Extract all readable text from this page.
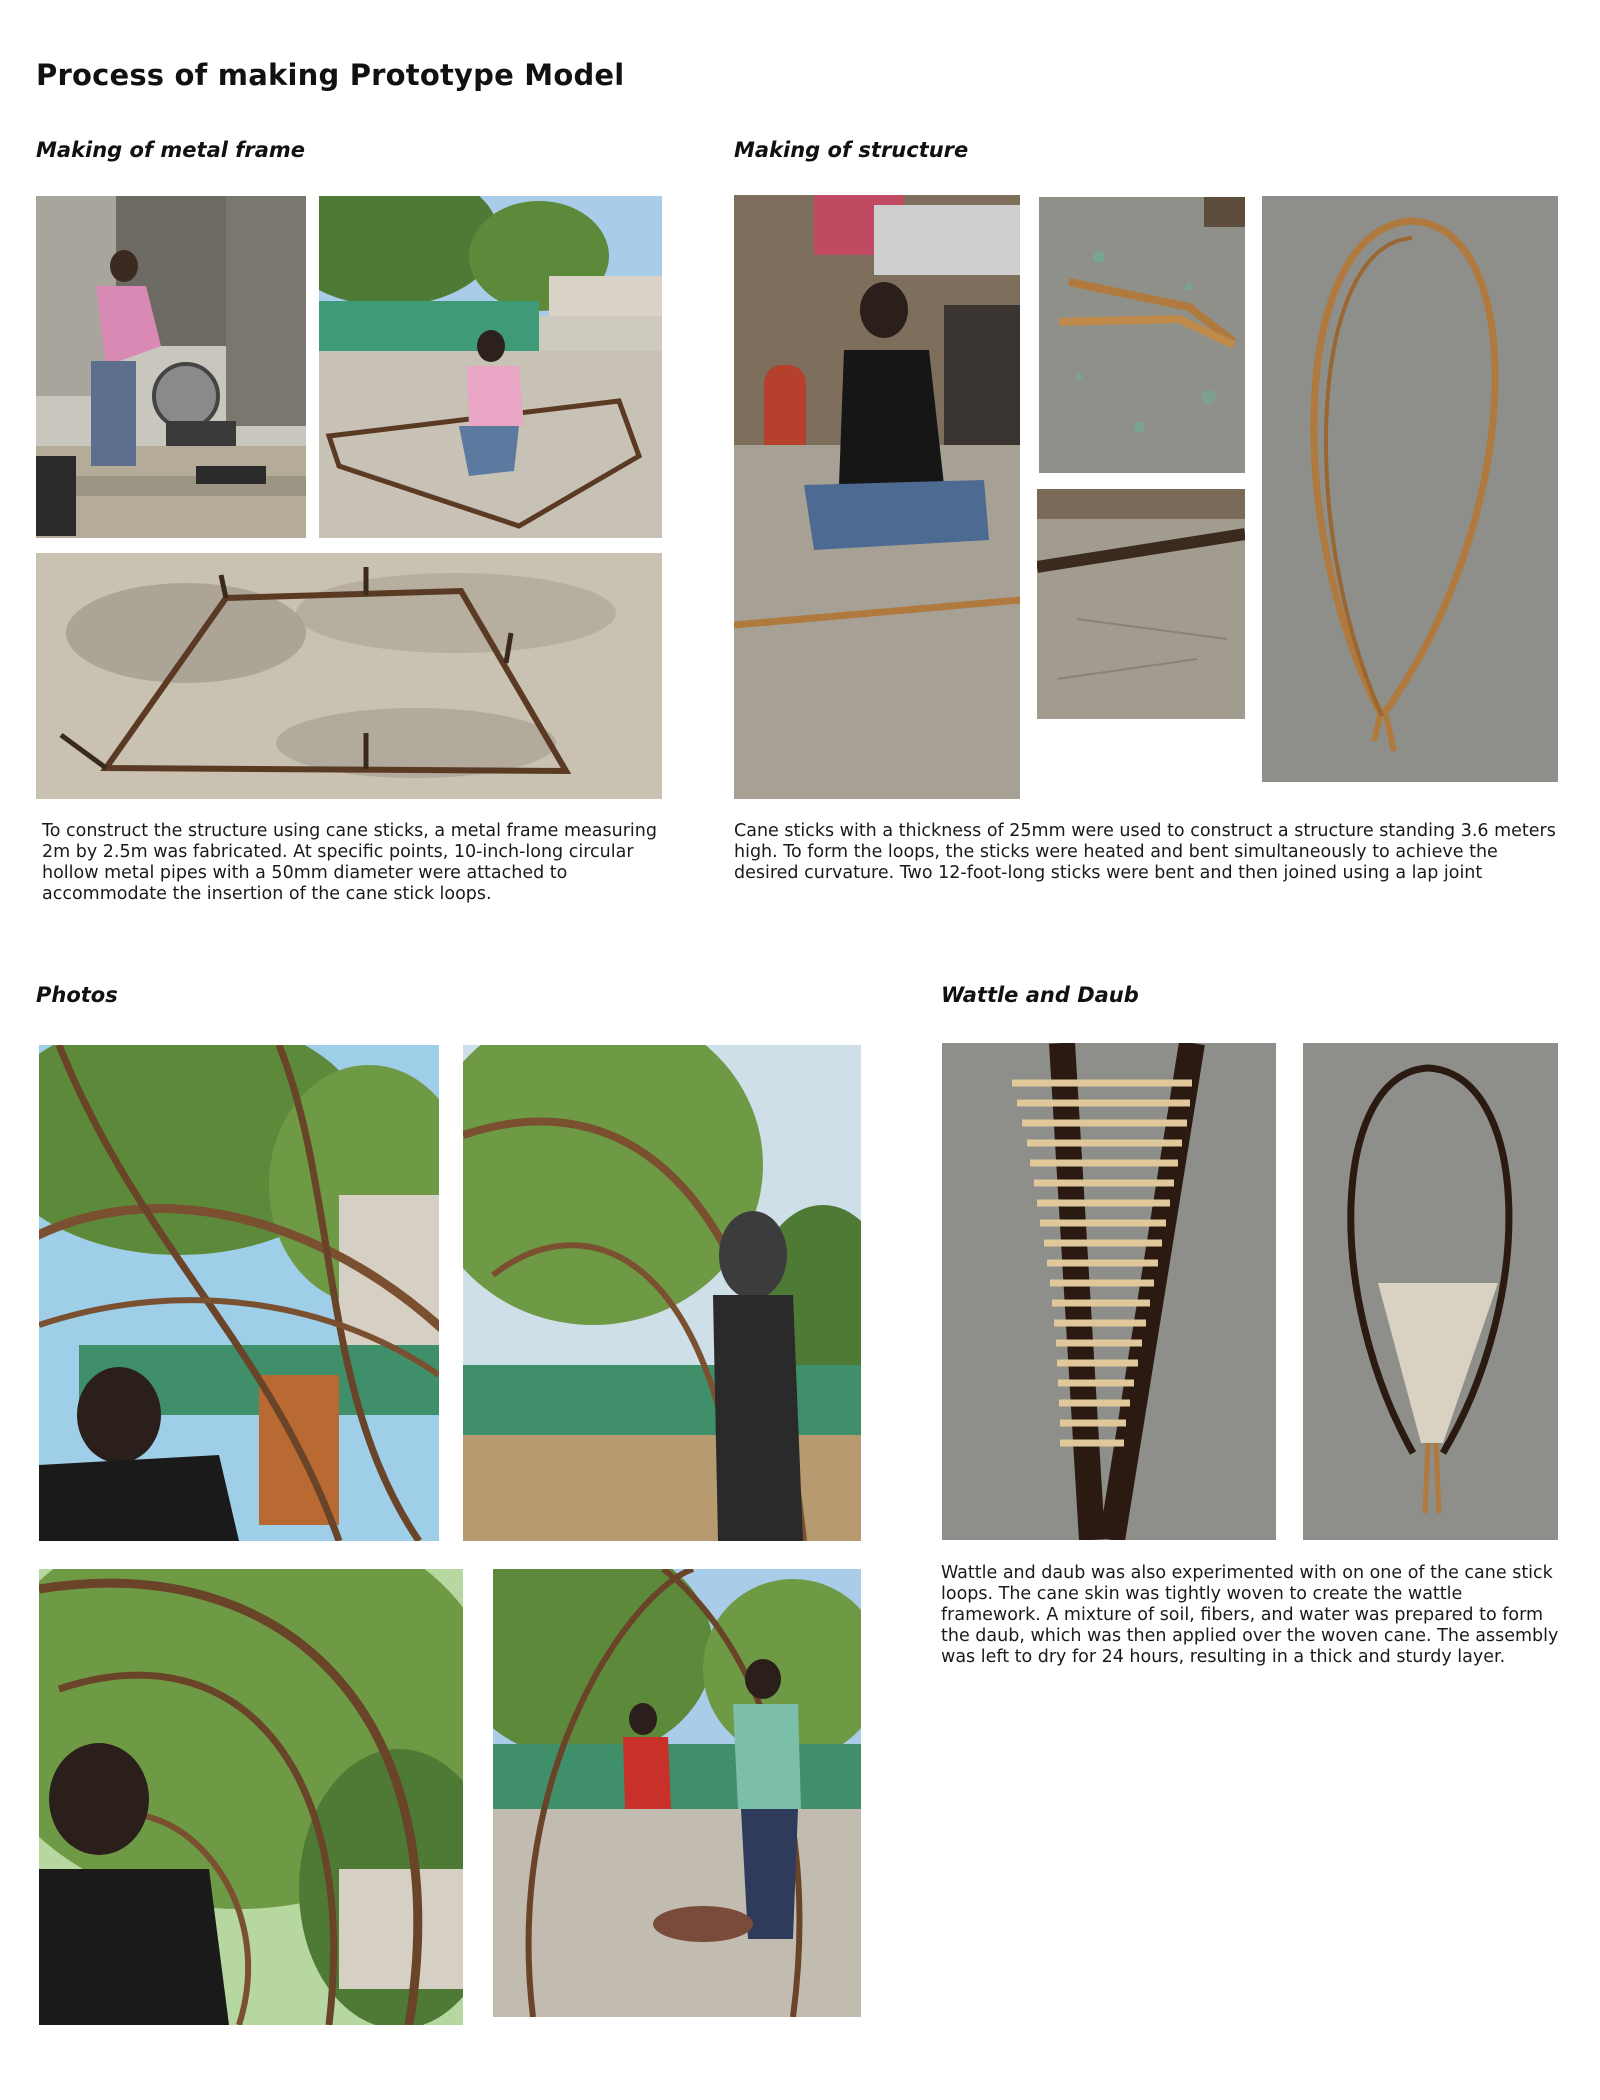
Process of making Prototype Model
Making of metal frame
To construct the structure using cane sticks, a metal frame measuring 2m by 2.5m was fabricated. At specific points, 10-inch-long circular hollow metal pipes with a 50mm diameter were attached to accommodate the insertion of the cane stick loops.
Making of structure
Cane sticks with a thickness of 25mm were used to construct a structure standing 3.6 meters high. To form the loops, the sticks were heated and bent simultaneously to achieve the desired curvature. Two 12-foot-long sticks were bent and then joined using a lap joint
Photos	Wattle and Daub
Wattle and daub was also experimented with on one of the cane stick loops. The cane skin was tightly woven to create the wattle framework. A mixture of soil, fibers, and water was prepared to form the daub, which was then applied over the woven cane. The assembly was left to dry for 24 hours, resulting in a thick and sturdy layer.
